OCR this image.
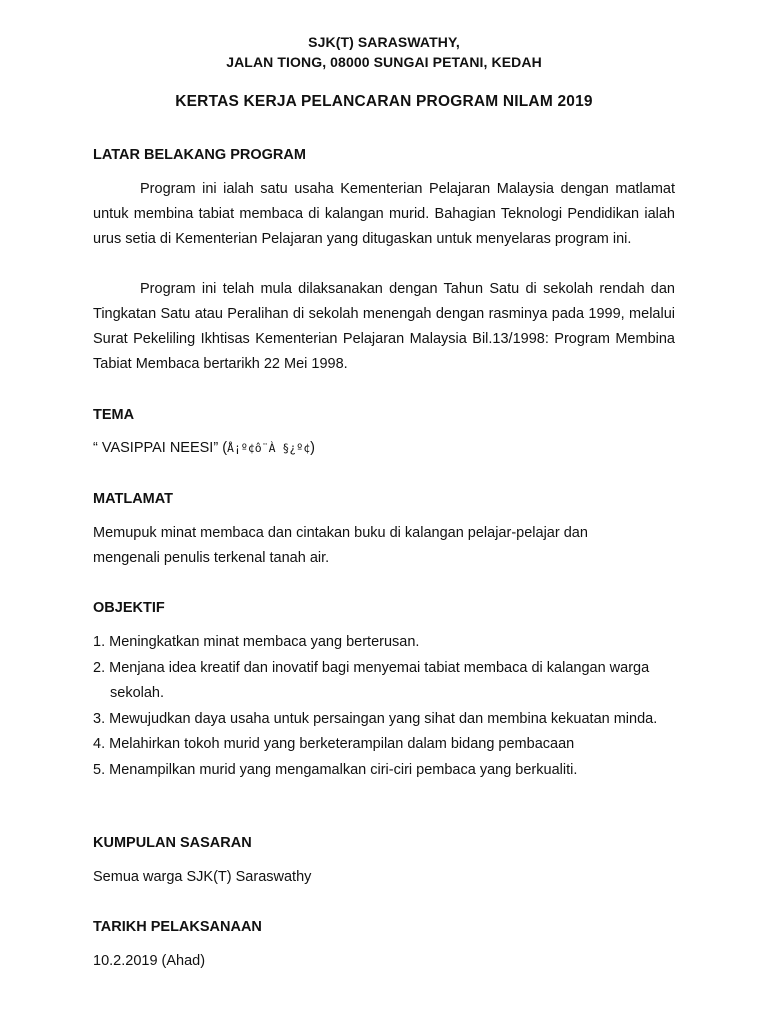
SJK(T) SARASWATHY,
JALAN TIONG, 08000 SUNGAI PETANI, KEDAH
KERTAS KERJA PELANCARAN PROGRAM NILAM 2019
LATAR BELAKANG PROGRAM
Program ini ialah satu usaha Kementerian Pelajaran Malaysia dengan matlamat untuk membina tabiat membaca di kalangan murid. Bahagian Teknologi Pendidikan ialah urus setia di Kementerian Pelajaran yang ditugaskan untuk menyelaras program ini.
Program ini telah mula dilaksanakan dengan Tahun Satu di sekolah rendah dan Tingkatan Satu atau Peralihan di sekolah menengah dengan rasminya pada 1999, melalui Surat Pekeliling Ikhtisas Kementerian Pelajaran Malaysia Bil.13/1998: Program Membina Tabiat Membaca bertarikh 22 Mei 1998.
TEMA
“ VASIPPAI NEESI” (Å¡º¢ô¨À §¿º¢)
MATLAMAT
Memupuk minat membaca dan cintakan buku di kalangan pelajar-pelajar dan mengenali penulis terkenal tanah air.
OBJEKTIF
1. Meningkatkan minat membaca yang berterusan.
2. Menjana idea kreatif dan inovatif bagi menyemai tabiat membaca di kalangan warga sekolah.
3. Mewujudkan daya usaha untuk persaingan yang sihat dan membina kekuatan minda.
4. Melahirkan tokoh murid yang berketerampilan dalam bidang pembacaan
5. Menampilkan murid yang mengamalkan ciri-ciri pembaca yang berkualiti.
KUMPULAN SASARAN
Semua warga SJK(T) Saraswathy
TARIKH PELAKSANAAN
10.2.2019 (Ahad)
